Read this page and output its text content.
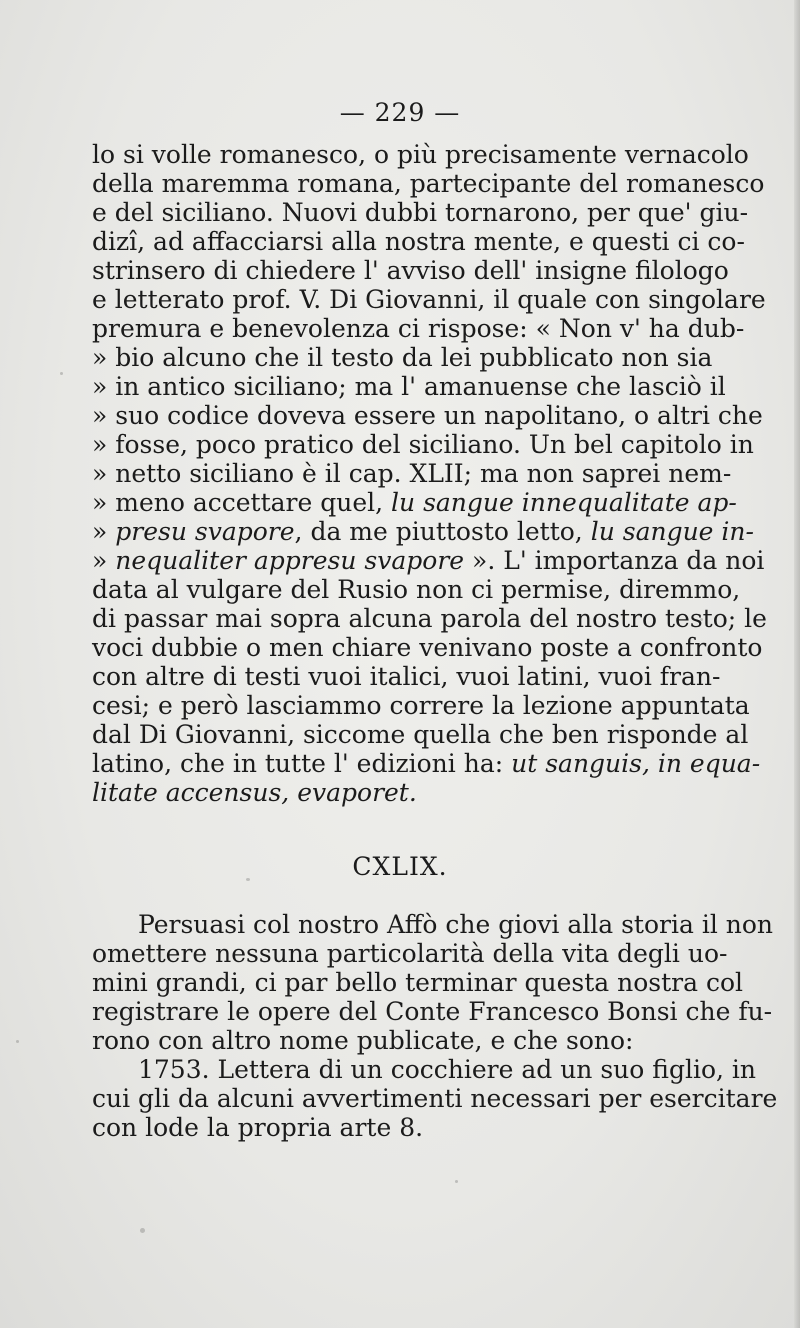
— 229 —
lo si volle romanesco, o più precisamente vernacolo
della maremma romana, partecipante del romanesco
e del siciliano. Nuovi dubbi tornarono, per que' giu-
dizî, ad affacciarsi alla nostra mente, e questi ci co-
strinsero di chiedere l' avviso dell' insigne filologo
e letterato prof. V. Di Giovanni, il quale con singolare
premura e benevolenza ci rispose: « Non v' ha dub-
» bio alcuno che il testo da lei pubblicato non sia
» in antico siciliano; ma l' amanuense che lasciò il
» suo codice doveva essere un napolitano, o altri che
» fosse, poco pratico del siciliano. Un bel capitolo in
» netto siciliano è il cap. XLII; ma non saprei nem-
» meno accettare quel, lu sangue innequalitate ap-
» presu svapore, da me piuttosto letto, lu sangue in-
» nequaliter appresu svapore ». L' importanza da noi
data al vulgare del Rusio non ci permise, diremmo,
di passar mai sopra alcuna parola del nostro testo; le
voci dubbie o men chiare venivano poste a confronto
con altre di testi vuoi italici, vuoi latini, vuoi fran-
cesi; e però lasciammo correre la lezione appuntata
dal Di Giovanni, siccome quella che ben risponde al
latino, che in tutte l' edizioni ha: ut sanguis, in equa-
litate accensus, evaporet.
CXLIX.
Persuasi col nostro Affò che giovi alla storia il non
omettere nessuna particolarità della vita degli uo-
mini grandi, ci par bello terminar questa nostra col
registrare le opere del Conte Francesco Bonsi che fu-
rono con altro nome publicate, e che sono:
1753. Lettera di un cocchiere ad un suo figlio, in
cui gli da alcuni avvertimenti necessari per esercitare
con lode la propria arte 8.
